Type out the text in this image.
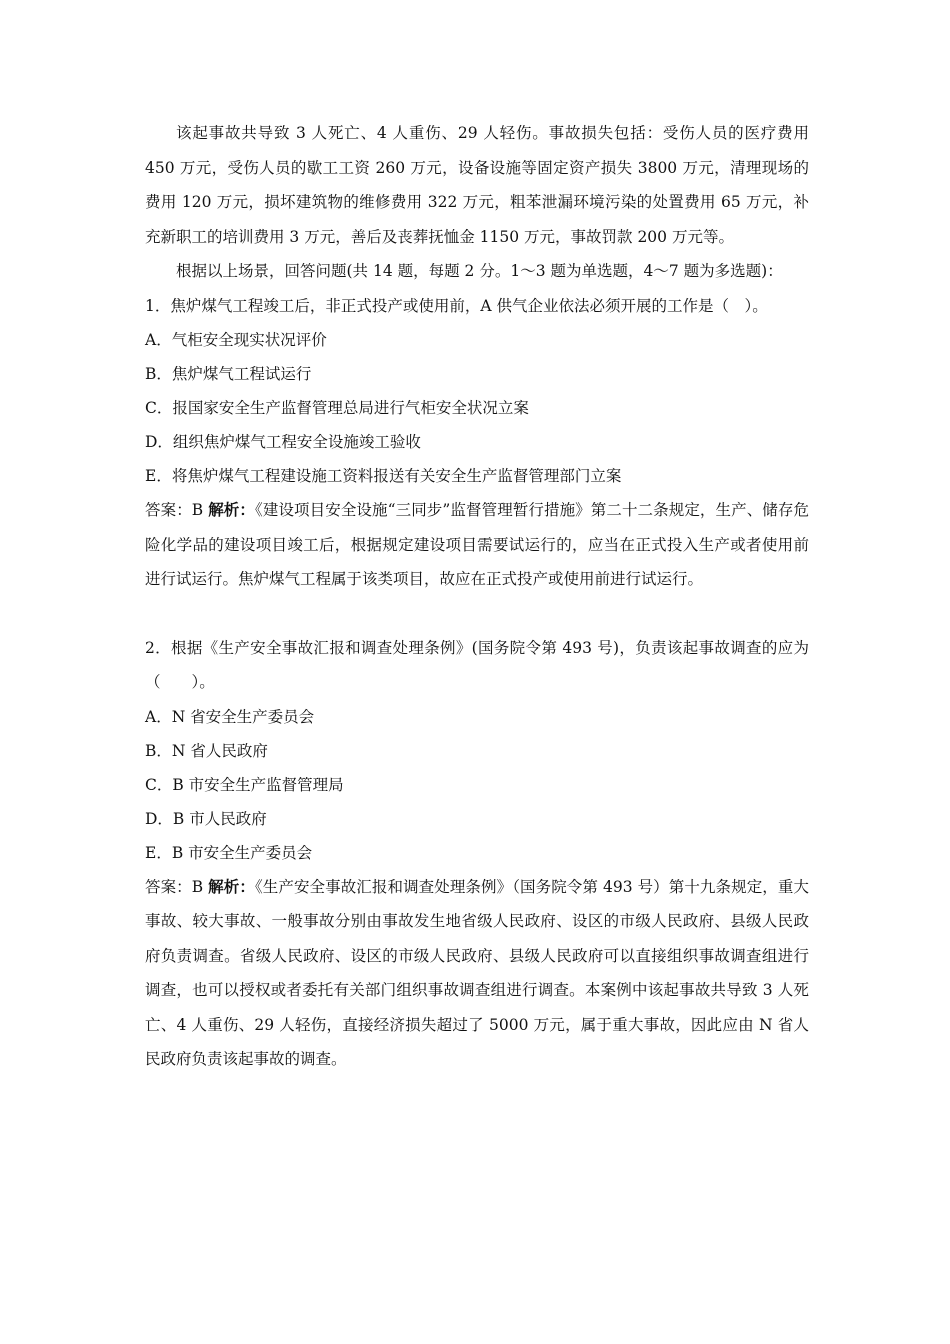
该起事故共导致 3 人死亡、4 人重伤、29 人轻伤。事故损失包括：受伤人员的医疗费用 450 万元，受伤人员的歇工工资 260 万元，设备设施等固定资产损失 3800 万元，清理现场的费用 120 万元，损坏建筑物的维修费用 322 万元，粗苯泄漏环境污染的处置费用 65 万元，补充新职工的培训费用 3 万元，善后及丧葬抚恤金 1150 万元，事故罚款 200 万元等。

根据以上场景，回答问题(共 14 题，每题 2 分。1～3 题为单选题，4～7 题为多选题)：

1．焦炉煤气工程竣工后，非正式投产或使用前，A 供气企业依法必须开展的工作是（　）。

A．气柜安全现实状况评价

B．焦炉煤气工程试运行

C．报国家安全生产监督管理总局进行气柜安全状况立案

D．组织焦炉煤气工程安全设施竣工验收

E．将焦炉煤气工程建设施工资料报送有关安全生产监督管理部门立案

答案：B 解析：《建设项目安全设施“三同步”监督管理暂行措施》第二十二条规定，生产、储存危险化学品的建设项目竣工后，根据规定建设项目需要试运行的，应当在正式投入生产或者使用前进行试运行。焦炉煤气工程属于该类项目，故应在正式投产或使用前进行试运行。

2．根据《生产安全事故汇报和调查处理条例》(国务院令第 493 号)，负责该起事故调查的应为（　　）。

A．N 省安全生产委员会

B．N 省人民政府

C．B 市安全生产监督管理局

D．B 市人民政府

E．B 市安全生产委员会

答案：B 解析：《生产安全事故汇报和调查处理条例》（国务院令第 493 号）第十九条规定，重大事故、较大事故、一般事故分别由事故发生地省级人民政府、设区的市级人民政府、县级人民政府负责调查。省级人民政府、设区的市级人民政府、县级人民政府可以直接组织事故调查组进行调查，也可以授权或者委托有关部门组织事故调查组进行调查。本案例中该起事故共导致 3 人死亡、4 人重伤、29 人轻伤，直接经济损失超过了 5000 万元，属于重大事故，因此应由 N 省人民政府负责该起事故的调查。
